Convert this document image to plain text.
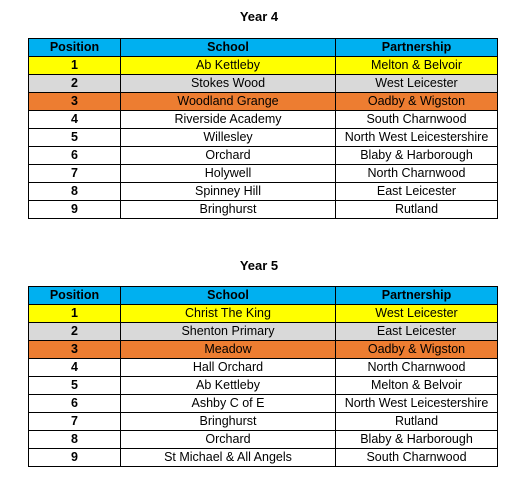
Year 4
Position	School	Partnership
1	Ab Kettleby	Melton & Belvoir
2	Stokes Wood	West Leicester
3	Woodland Grange	Oadby & Wigston
4	Riverside Academy	South Charnwood
5	Willesley	North West Leicestershire
6	Orchard	Blaby & Harborough
7	Holywell	North Charnwood
8	Spinney Hill	East Leicester
9	Bringhurst	Rutland
Year 5
Position	School	Partnership
1	Christ The King	West Leicester
2	Shenton Primary	East Leicester
3	Meadow	Oadby & Wigston
4	Hall Orchard	North Charnwood
5	Ab Kettleby	Melton & Belvoir
6	Ashby C of E	North West Leicestershire
7	Bringhurst	Rutland
8	Orchard	Blaby & Harborough
9	St Michael & All Angels	South Charnwood
